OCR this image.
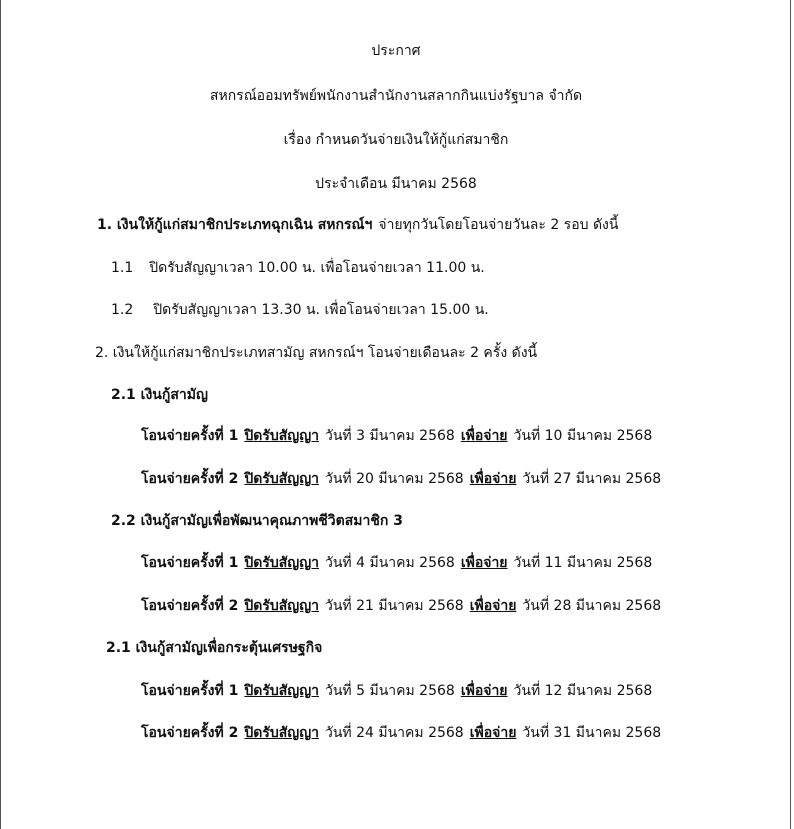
ประกาศ
สหกรณ์ออมทรัพย์พนักงานสำนักงานสลากกินแบ่งรัฐบาล จำกัด
เรื่อง กำหนดวันจ่ายเงินให้กู้แก่สมาชิก
ประจำเดือน มีนาคม 2568
1. เงินให้กู้แก่สมาชิกประเภทฉุกเฉิน สหกรณ์ฯ จ่ายทุกวันโดยโอนจ่ายวันละ 2 รอบ ดังนี้
1.1 ปิดรับสัญญาเวลา 10.00 น. เพื่อโอนจ่ายเวลา 11.00 น.
1.2 ปิดรับสัญญาเวลา 13.30 น. เพื่อโอนจ่ายเวลา 15.00 น.
2. เงินให้กู้แก่สมาชิกประเภทสามัญ สหกรณ์ฯ โอนจ่ายเดือนละ 2 ครั้ง ดังนี้
2.1 เงินกู้สามัญ
โอนจ่ายครั้งที่ 1 ปิดรับสัญญา วันที่ 3 มีนาคม 2568 เพื่อจ่าย วันที่ 10 มีนาคม 2568
โอนจ่ายครั้งที่ 2 ปิดรับสัญญา วันที่ 20 มีนาคม 2568 เพื่อจ่าย วันที่ 27 มีนาคม 2568
2.2 เงินกู้สามัญเพื่อพัฒนาคุณภาพชีวิตสมาชิก 3
โอนจ่ายครั้งที่ 1 ปิดรับสัญญา วันที่ 4 มีนาคม 2568 เพื่อจ่าย วันที่ 11 มีนาคม 2568
โอนจ่ายครั้งที่ 2 ปิดรับสัญญา วันที่ 21 มีนาคม 2568 เพื่อจ่าย วันที่ 28 มีนาคม 2568
2.1 เงินกู้สามัญเพื่อกระตุ้นเศรษฐกิจ
โอนจ่ายครั้งที่ 1 ปิดรับสัญญา วันที่ 5 มีนาคม 2568 เพื่อจ่าย วันที่ 12 มีนาคม 2568
โอนจ่ายครั้งที่ 2 ปิดรับสัญญา วันที่ 24 มีนาคม 2568 เพื่อจ่าย วันที่ 31 มีนาคม 2568
